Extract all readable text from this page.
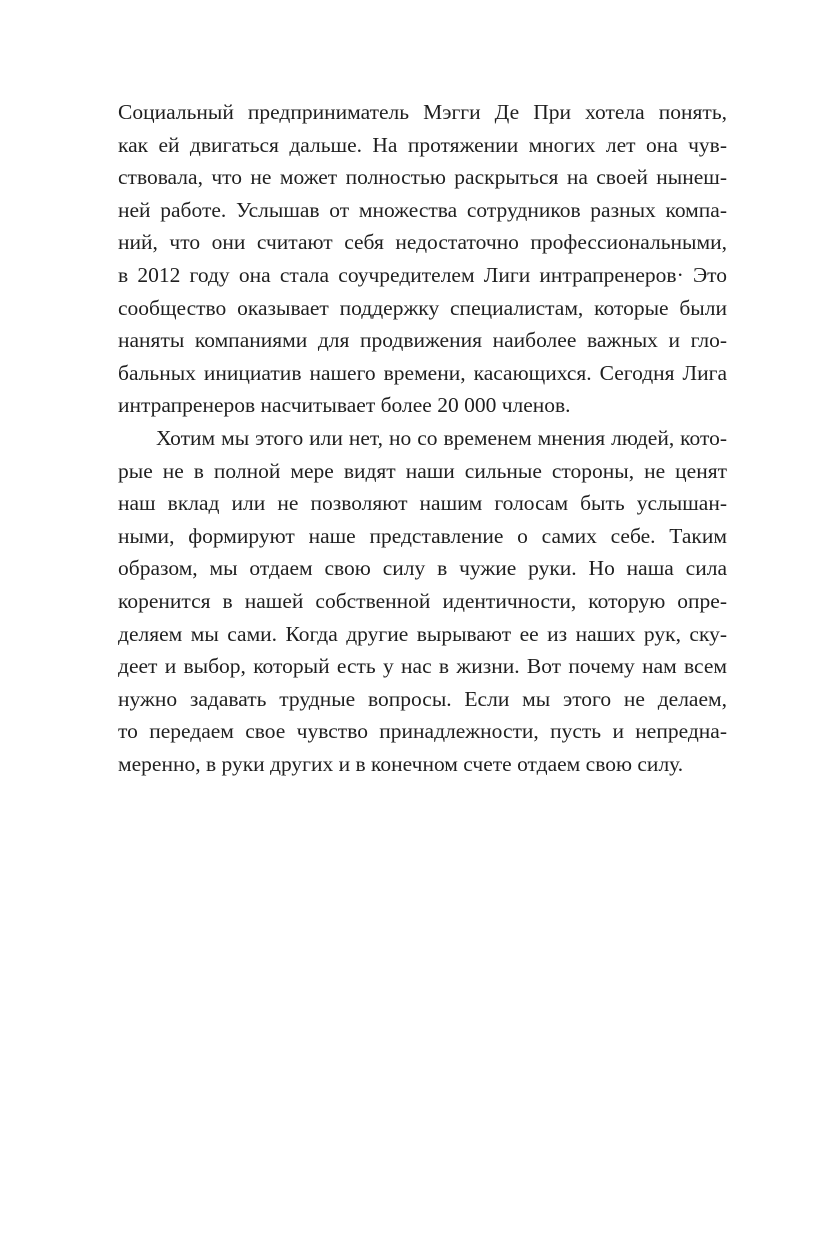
Социальный предприниматель Мэгги Де При хотела понять,
как ей двигаться дальше. На протяжении многих лет она чув-
ствовала, что не может полностью раскрыться на своей нынеш-
ней работе. Услышав от множества сотрудников разных компа-
ний, что они считают себя недостаточно профессиональными,
в 2012 году она стала соучредителем Лиги интрапренеров· Это
сообщество оказывает поддержку специалистам, которые были
наняты компаниями для продвижения наиболее важных и гло-
бальных инициатив нашего времени, касающихся. Сегодня Лига
интрапренеров насчитывает более 20 000 членов.
Хотим мы этого или нет, но со временем мнения людей, кото-
рые не в полной мере видят наши сильные стороны, не ценят
наш вклад или не позволяют нашим голосам быть услышан-
ными, формируют наше представление о самих себе. Таким
образом, мы отдаем свою силу в чужие руки. Но наша сила
коренится в нашей собственной идентичности, которую опре-
деляем мы сами. Когда другие вырывают ее из наших рук, ску-
деет и выбор, который есть у нас в жизни. Вот почему нам всем
нужно задавать трудные вопросы. Если мы этого не делаем,
то передаем свое чувство принадлежности, пусть и непредна-
меренно, в руки других и в конечном счете отдаем свою силу.
